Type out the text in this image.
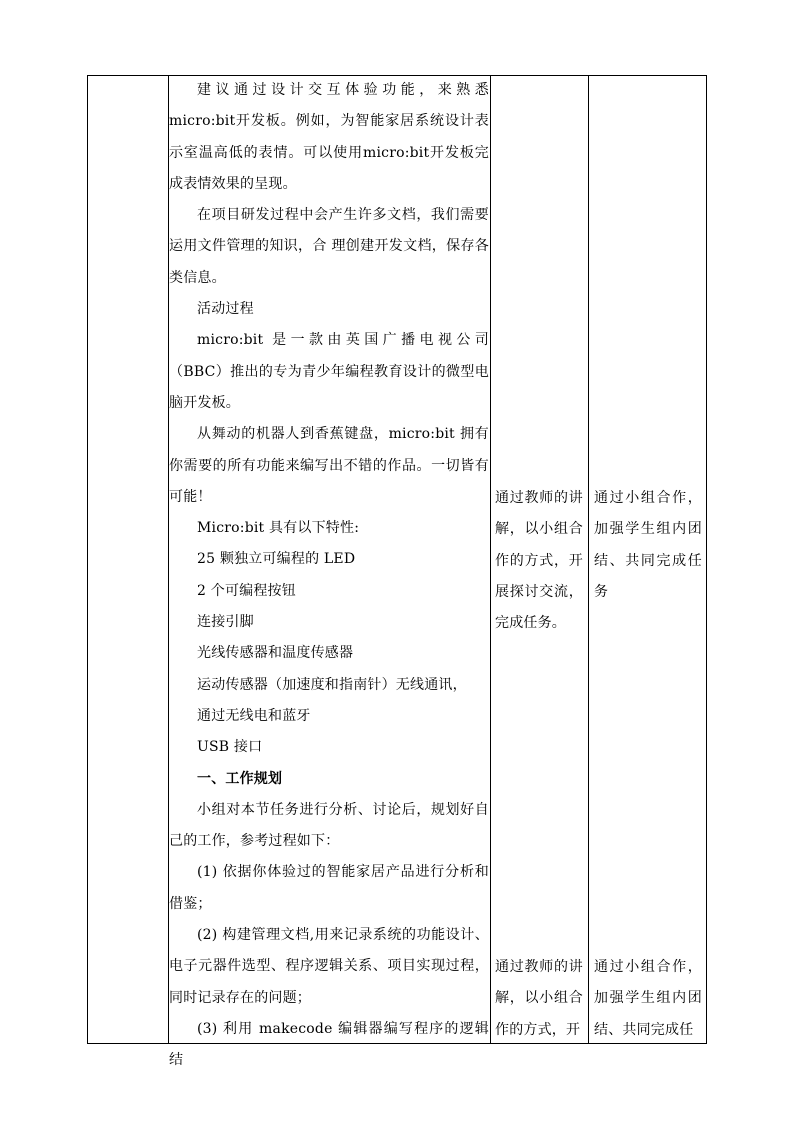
建议通过设计交互体验功能，来熟悉micro:bit开发板。例如，为智能家居系统设计表示室温高低的表情。可以使用micro:bit开发板完成表情效果的呈现。

在项目研发过程中会产生许多文档，我们需要运用文件管理的知识，合 理创建开发文档，保存各类信息。

活动过程

micro:bit 是一款由英国广播电视公司（BBC）推出的专为青少年编程教育设计的微型电脑开发板。

从舞动的机器人到香蕉键盘，micro:bit 拥有你需要的所有功能来编写出不错的作品。一切皆有可能！

Micro:bit 具有以下特性:

25 颗独立可编程的 LED

2 个可编程按钮

连接引脚

光线传感器和温度传感器

运动传感器（加速度和指南针）无线通讯，

通过无线电和蓝牙

USB 接口

一、工作规划

小组对本节任务进行分析、讨论后，规划好自己的工作，参考过程如下：

(1) 依据你体验过的智能家居产品进行分析和借鉴；

(2) 构建管理文档,用来记录系统的功能设计、电子元器件选型、程序逻辑关系、项目实现过程，同时记录存在的问题；

(3) 利用 makecode 编辑器编写程序的逻辑结

通过教师的讲解，以小组合作的方式，开展探讨交流，完成任务。
通过教师的讲解，以小组合作的方式，开
通过小组合作，加强学生组内团结、共同完成任务
通过小组合作，加强学生组内团结、共同完成任
